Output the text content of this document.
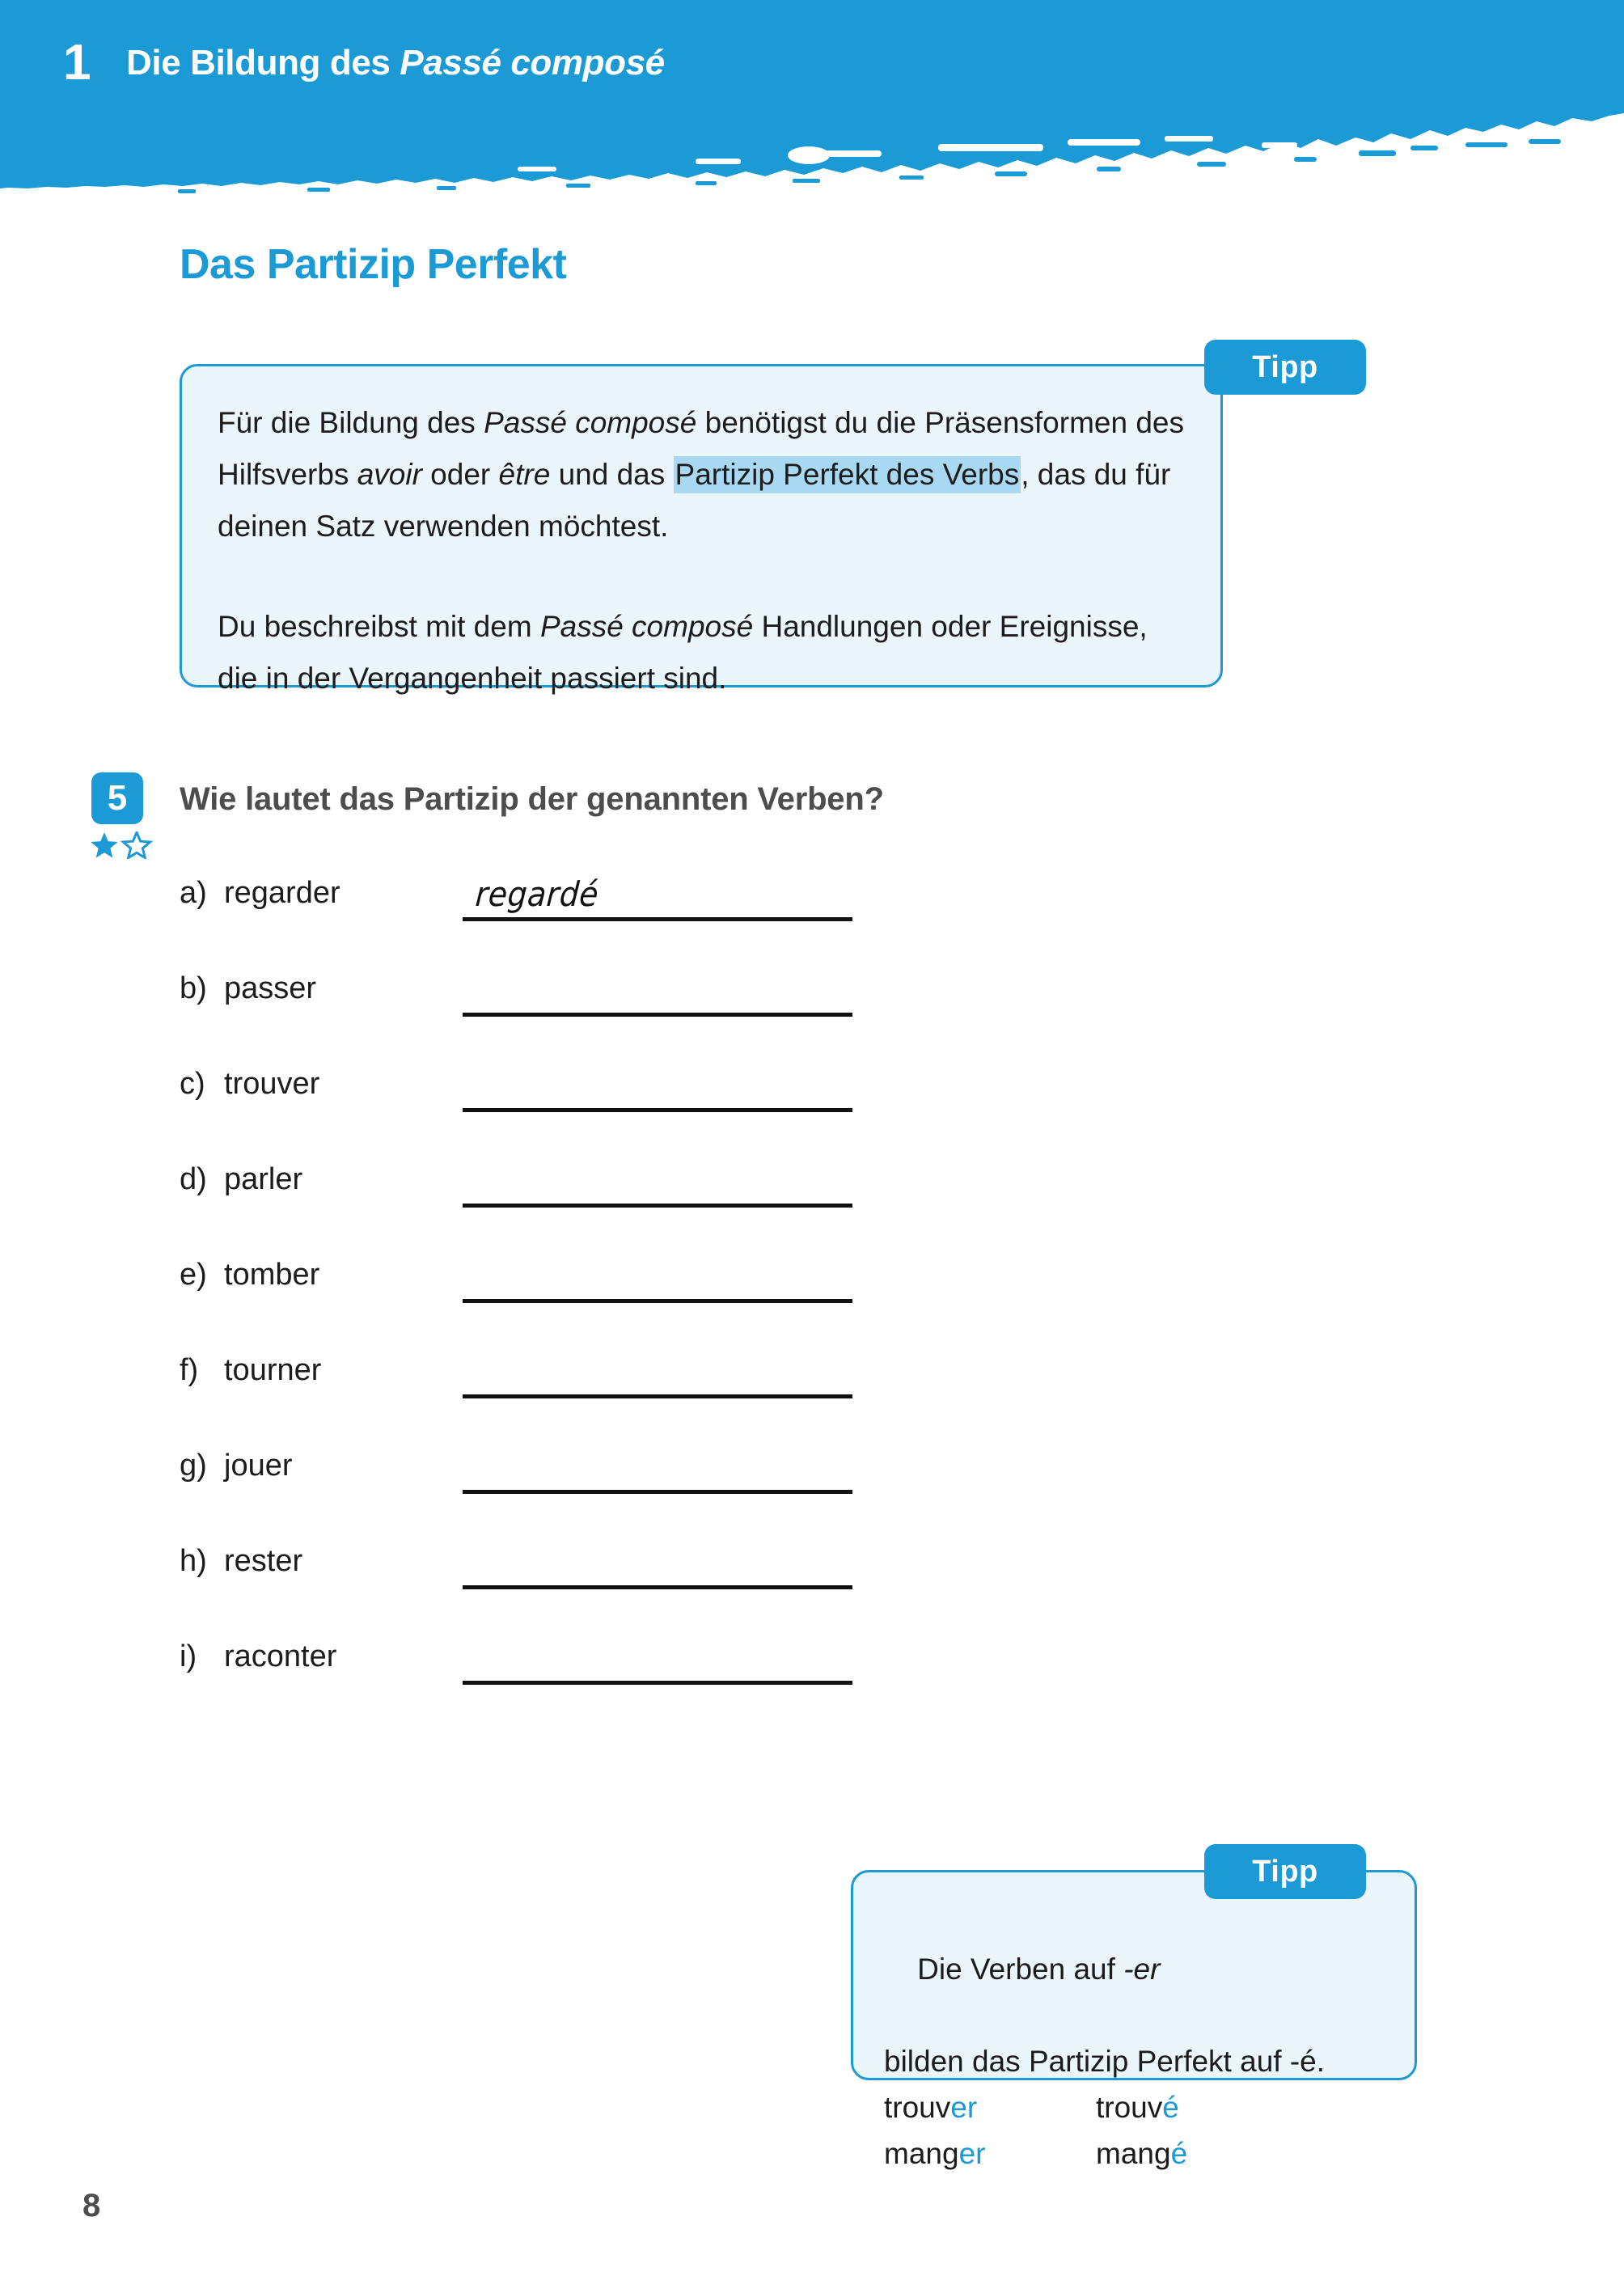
1	Die Bildung des Passé composé
Das Partizip Perfekt
Für die Bildung des Passé composé benötigst du die Präsensformen des Hilfsverbs avoir oder être und das Partizip Perfekt des Verbs, das du für deinen Satz verwenden möchtest.
Du beschreibst mit dem Passé composé Handlungen oder Ereignisse, die in der Vergangenheit passiert sind.
Tipp
5	Wie lautet das Partizip der genannten Verben?
a) regarder	regardé
b) passer
c) trouver
d) parler
e) tomber
f) tourner
g) jouer
h) rester
i) raconter

Die Verben auf -er

bilden das Partizip Perfekt auf -é.
trouver	trouvé
manger	mangé
Tipp
8
